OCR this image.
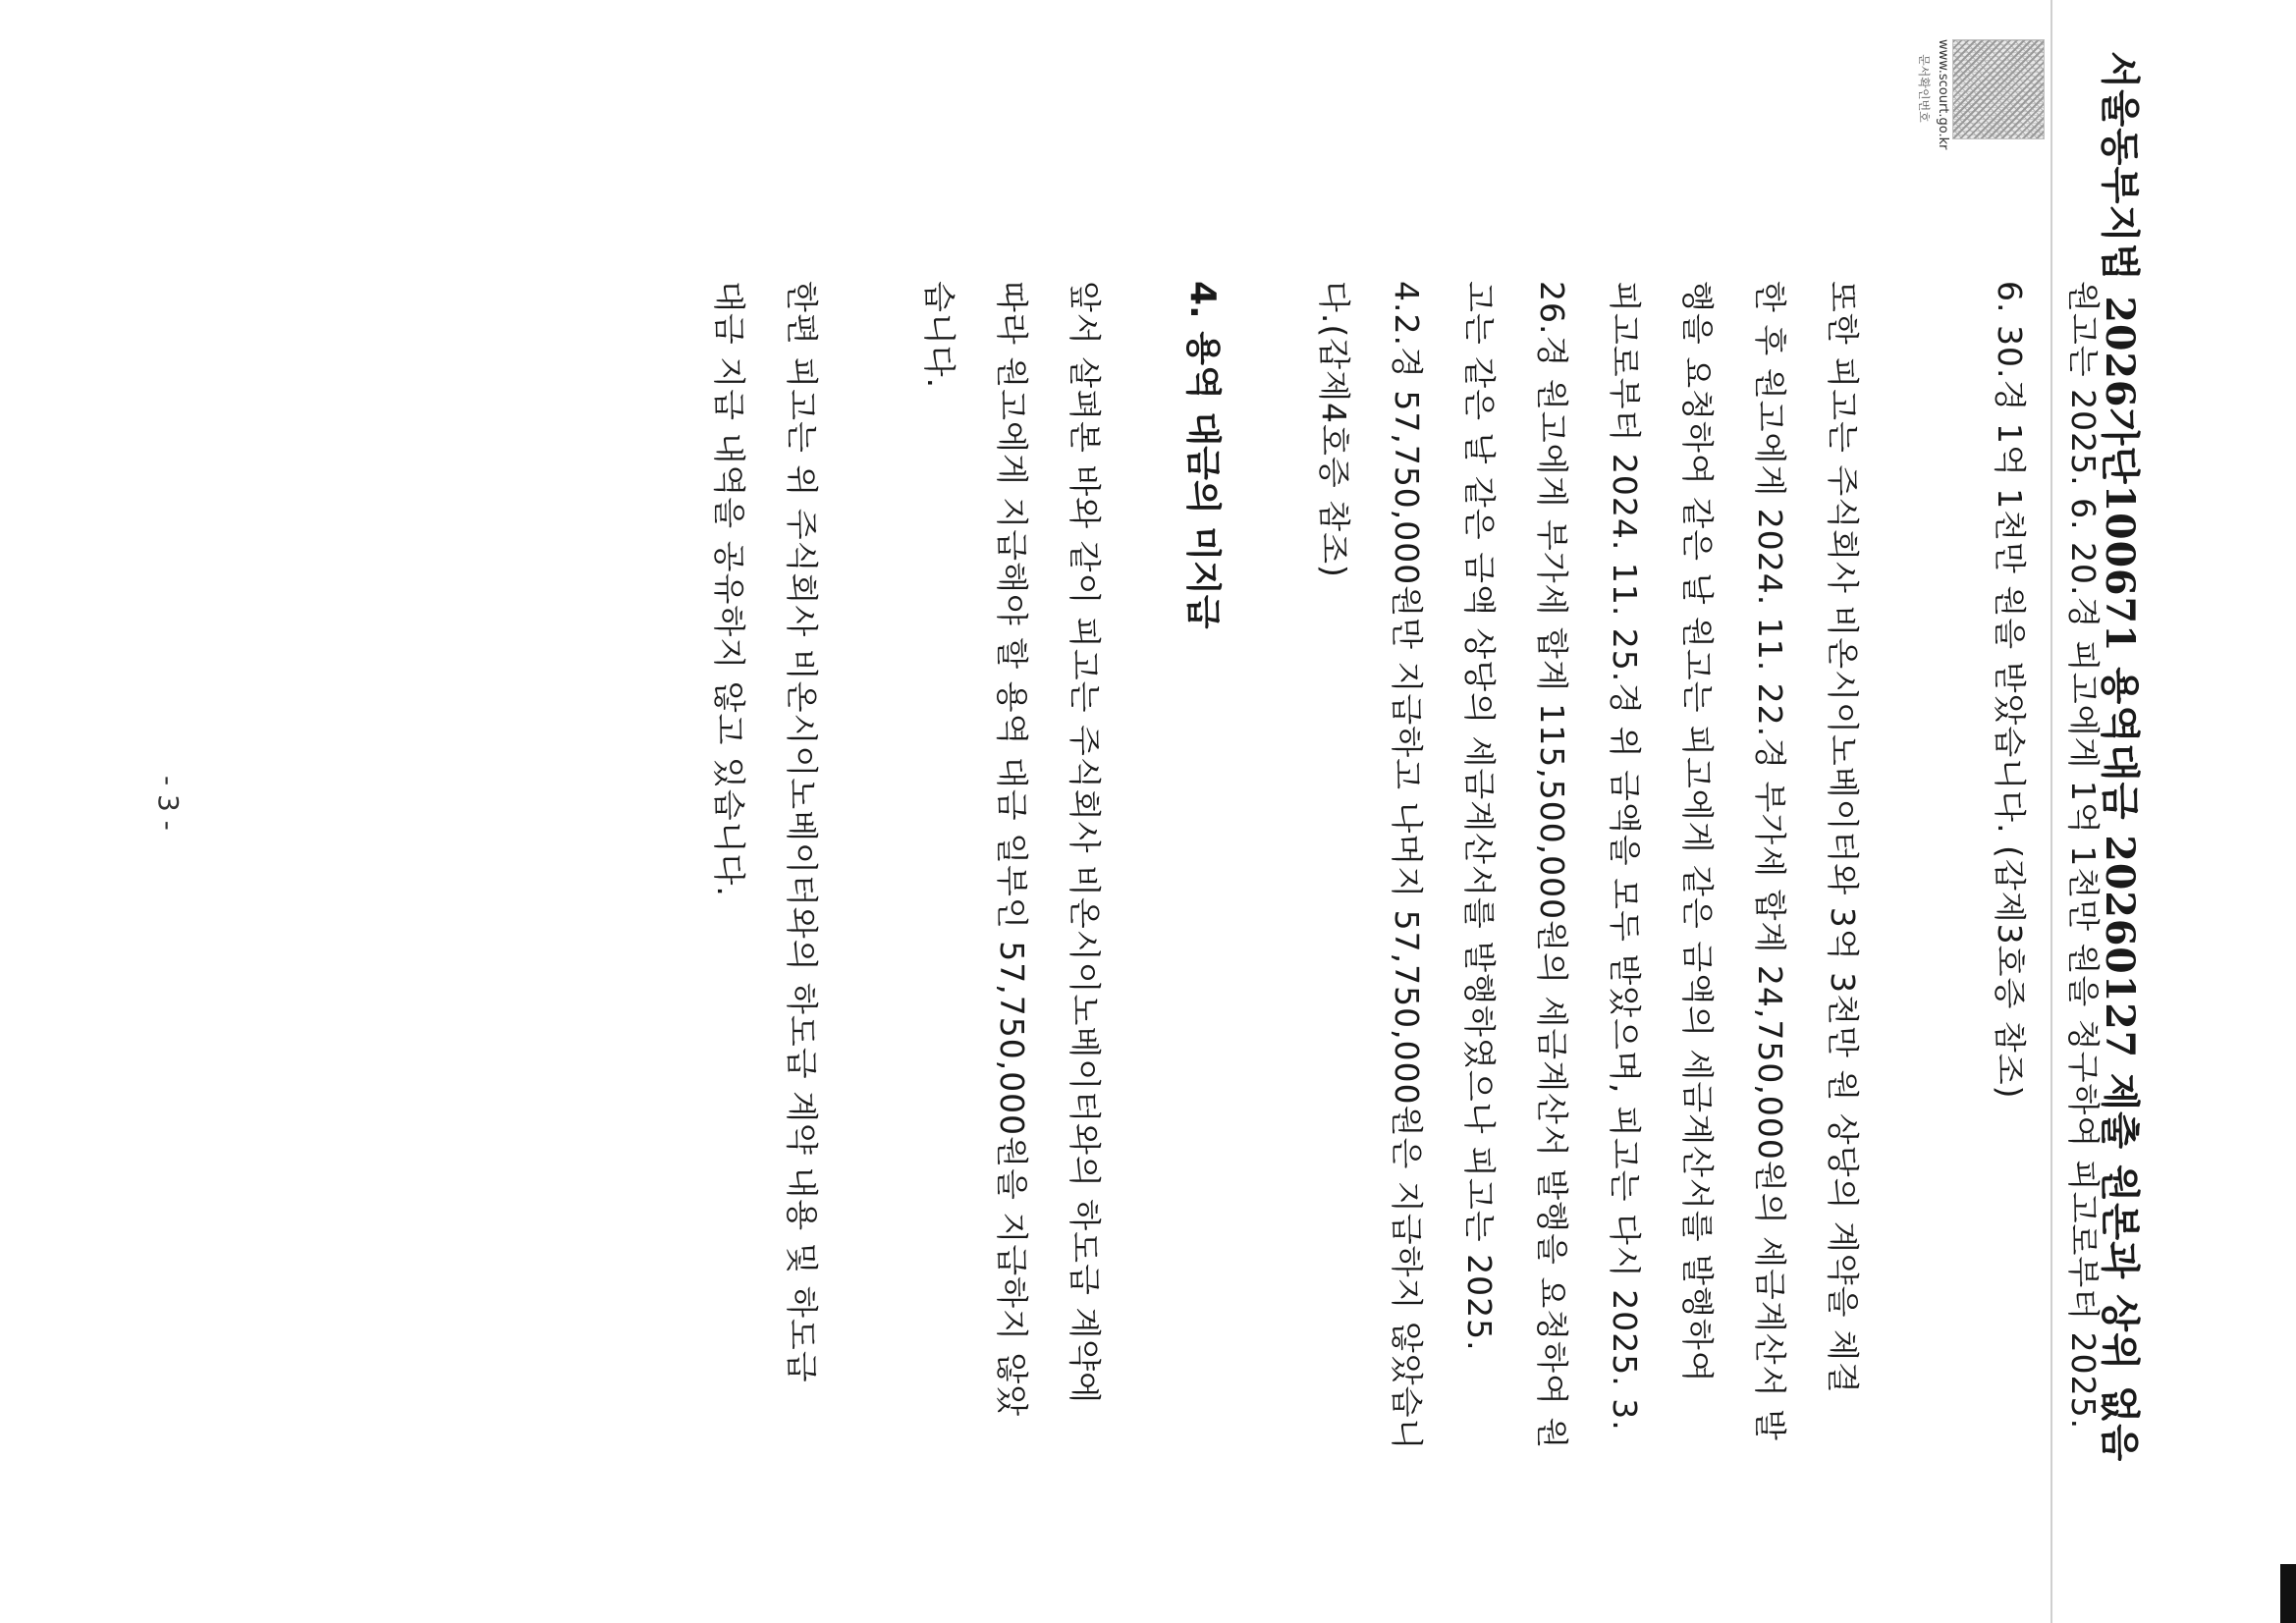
서울동부지법 2026가단100671 용역대금 20260127 제출 원본과 상위 없음
www.scourt.go.kr
문서확인번호
원고는 2025. 6. 20.경 피고에게 1억 1천만 원을 청구하여 피고로부터 2025.
6. 30.경 1억 1천만 원을 받았습니다. (갑제3호증 참조)
또한 피고는 주식회사 비온시이노베이터와 3억 3천만 원 상당의 계약을 체결
한 후 원고에게 2024. 11. 22.경 부가세 합계 24,750,000원의 세금계산서 발
행을 요청하여 같은 날 원고는 피고에게 같은 금액의 세금계산서를 발행하여
피고로부터 2024. 11. 25.경 위 금액을 모두 받았으며, 피고는 다시 2025. 3.
26.경 원고에게 부가세 합계 115,500,000원의 세금계산서 발행을 요청하여 원
고는 같은 날 같은 금액 상당의 세금계산서를 발행하였으나 피고는 2025.
4.2.경 57,750,000원만 지급하고 나머지 57,750,000원은 지급하지 않았습니
다.(갑제4호증 참조)
4. 용역 대금의 미지급
앞서 살펴본 바와 같이 피고는 주식회사 비온시이노베이터와의 하도급 계약에
따라 원고에게 지급해야 할 용역 대금 일부인 57,750,000원을 지급하지 않았
습니다.
한편 피고는 위 주식회사 비온시이노베이터와의 하도급 계약 내용 및 하도급
대금 지급 내역을 공유하지 않고 있습니다.
- 3 -
